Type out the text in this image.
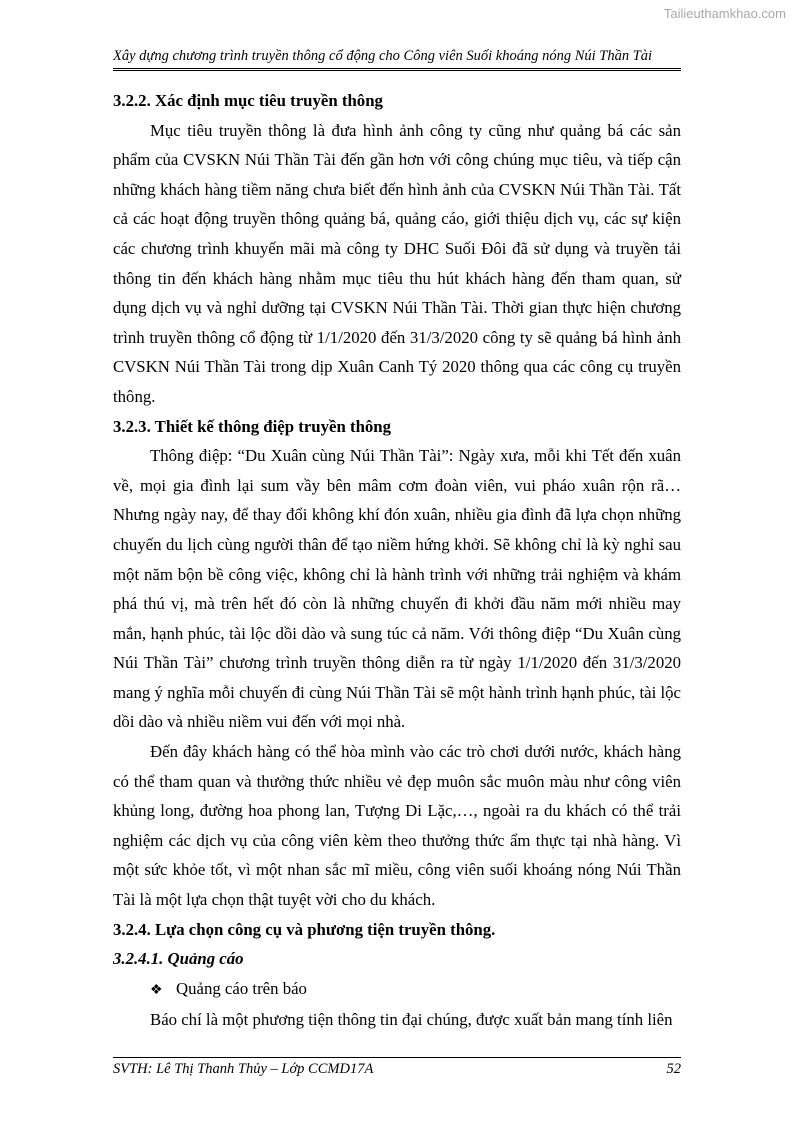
Tailieuthamkhao.com
Xây dựng chương trình truyền thông cổ động cho Công viên Suối khoáng nóng Núi Thần Tài
3.2.2. Xác định mục tiêu truyền thông

Mục tiêu truyền thông là đưa hình ảnh công ty cũng như quảng bá các sản phẩm của CVSKN Núi Thần Tài đến gần hơn với công chúng mục tiêu, và tiếp cận những khách hàng tiềm năng chưa biết đến hình ảnh của CVSKN Núi Thần Tài. Tất cả các hoạt động truyền thông quảng bá, quảng cáo, giới thiệu dịch vụ, các sự kiện các chương trình khuyến mãi mà công ty DHC Suối Đôi đã sử dụng và truyền tải thông tin đến khách hàng nhằm mục tiêu thu hút khách hàng đến tham quan, sử dụng dịch vụ và nghỉ dưỡng tại CVSKN Núi Thần Tài. Thời gian thực hiện chương trình truyền thông cổ động từ 1/1/2020 đến 31/3/2020 công ty sẽ quảng bá hình ảnh CVSKN Núi Thần Tài trong dịp Xuân Canh Tý 2020 thông qua các công cụ truyền thông.

3.2.3. Thiết kế thông điệp truyền thông

Thông điệp: “Du Xuân cùng Núi Thần Tài”: Ngày xưa, mỗi khi Tết đến xuân về, mọi gia đình lại sum vầy bên mâm cơm đoàn viên, vui pháo xuân rộn rã… Nhưng ngày nay, để thay đổi không khí đón xuân, nhiều gia đình đã lựa chọn những chuyến du lịch cùng người thân để tạo niềm hứng khởi. Sẽ không chỉ là kỳ nghỉ sau một năm bộn bề công việc, không chỉ là hành trình với những trải nghiệm và khám phá thú vị, mà trên hết đó còn là những chuyến đi khởi đầu năm mới nhiều may mắn, hạnh phúc, tài lộc dồi dào và sung túc cả năm. Với thông điệp “Du Xuân cùng Núi Thần Tài” chương trình truyền thông diễn ra từ ngày 1/1/2020 đến 31/3/2020 mang ý nghĩa mỗi chuyến đi cùng Núi Thần Tài sẽ một hành trình hạnh phúc, tài lộc dồi dào và nhiều niềm vui đến với mọi nhà.

Đến đây khách hàng có thể hòa mình vào các trò chơi dưới nước, khách hàng có thể tham quan và thưởng thức nhiều vẻ đẹp muôn sắc muôn màu như công viên khủng long, đường hoa phong lan, Tượng Di Lặc,…, ngoài ra du khách có thể trải nghiệm các dịch vụ của công viên kèm theo thưởng thức ẩm thực tại nhà hàng. Vì một sức khỏe tốt, vì một nhan sắc mĩ miều, công viên suối khoáng nóng Núi Thần Tài là một lựa chọn thật tuyệt vời cho du khách.

3.2.4. Lựa chọn công cụ và phương tiện truyền thông.
3.2.4.1. Quảng cáo
❖ Quảng cáo trên báo

Báo chí là một phương tiện thông tin đại chúng, được xuất bản mang tính liên

SVTH: Lê Thị Thanh Thủy – Lớp CCMD17A	52
